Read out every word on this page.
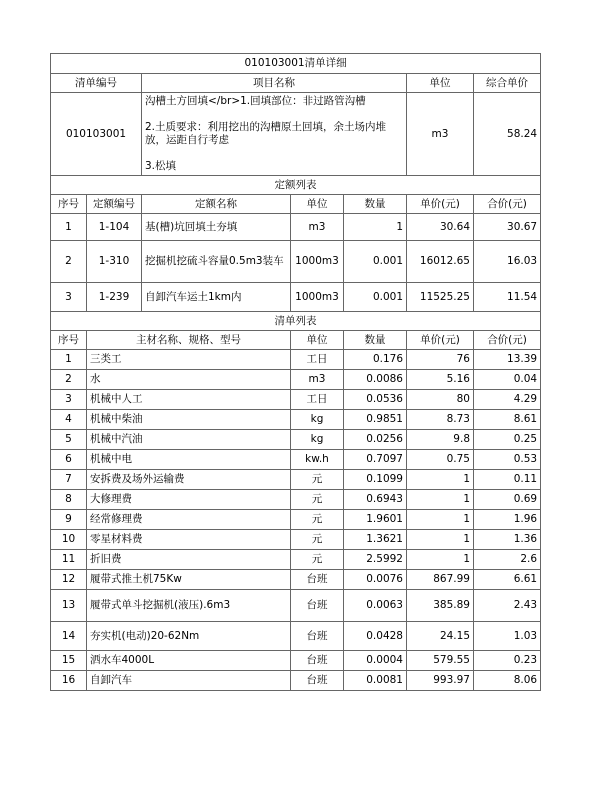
010103001清单详细						
清单编号		项目名称			单位	综合单价
010103001		沟槽土方回填</br>1.回填部位：非过路管沟槽
2.土质要求：利用挖出的沟槽原土回填，余土场内堆放，运距自行考虑
3.松填			m3	58.24
定额列表						
序号	定额编号	定额名称	单位	数量	单价(元)	合价(元)
1	1-104	基(槽)坑回填土夯填	m3	1	30.64	30.67
2	1-310	挖掘机挖硫斗容量0.5m3装车	1000m3	0.001	16012.65	16.03
3	1-239	自卸汽车运土1km内	1000m3	0.001	11525.25	11.54
清单列表						
序号	主材名称、规格、型号		单位	数量	单价(元)	合价(元)
1	三类工		工日	0.176	76	13.39
2	水		m3	0.0086	5.16	0.04
3	机械中人工		工日	0.0536	80	4.29
4	机械中柴油		kg	0.9851	8.73	8.61
5	机械中汽油		kg	0.0256	9.8	0.25
6	机械中电		kw.h	0.7097	0.75	0.53
7	安拆费及场外运输费		元	0.1099	1	0.11
8	大修理费		元	0.6943	1	0.69
9	经常修理费		元	1.9601	1	1.96
10	零星材料费		元	1.3621	1	1.36
11	折旧费		元	2.5992	1	2.6
12	履带式推土机75Kw		台班	0.0076	867.99	6.61
13	履带式单斗挖掘机(液压).6m3		台班	0.0063	385.89	2.43
14	夯实机(电动)20-62Nm		台班	0.0428	24.15	1.03
15	洒水车4000L		台班	0.0004	579.55	0.23
16	自卸汽车		台班	0.0081	993.97	8.06
